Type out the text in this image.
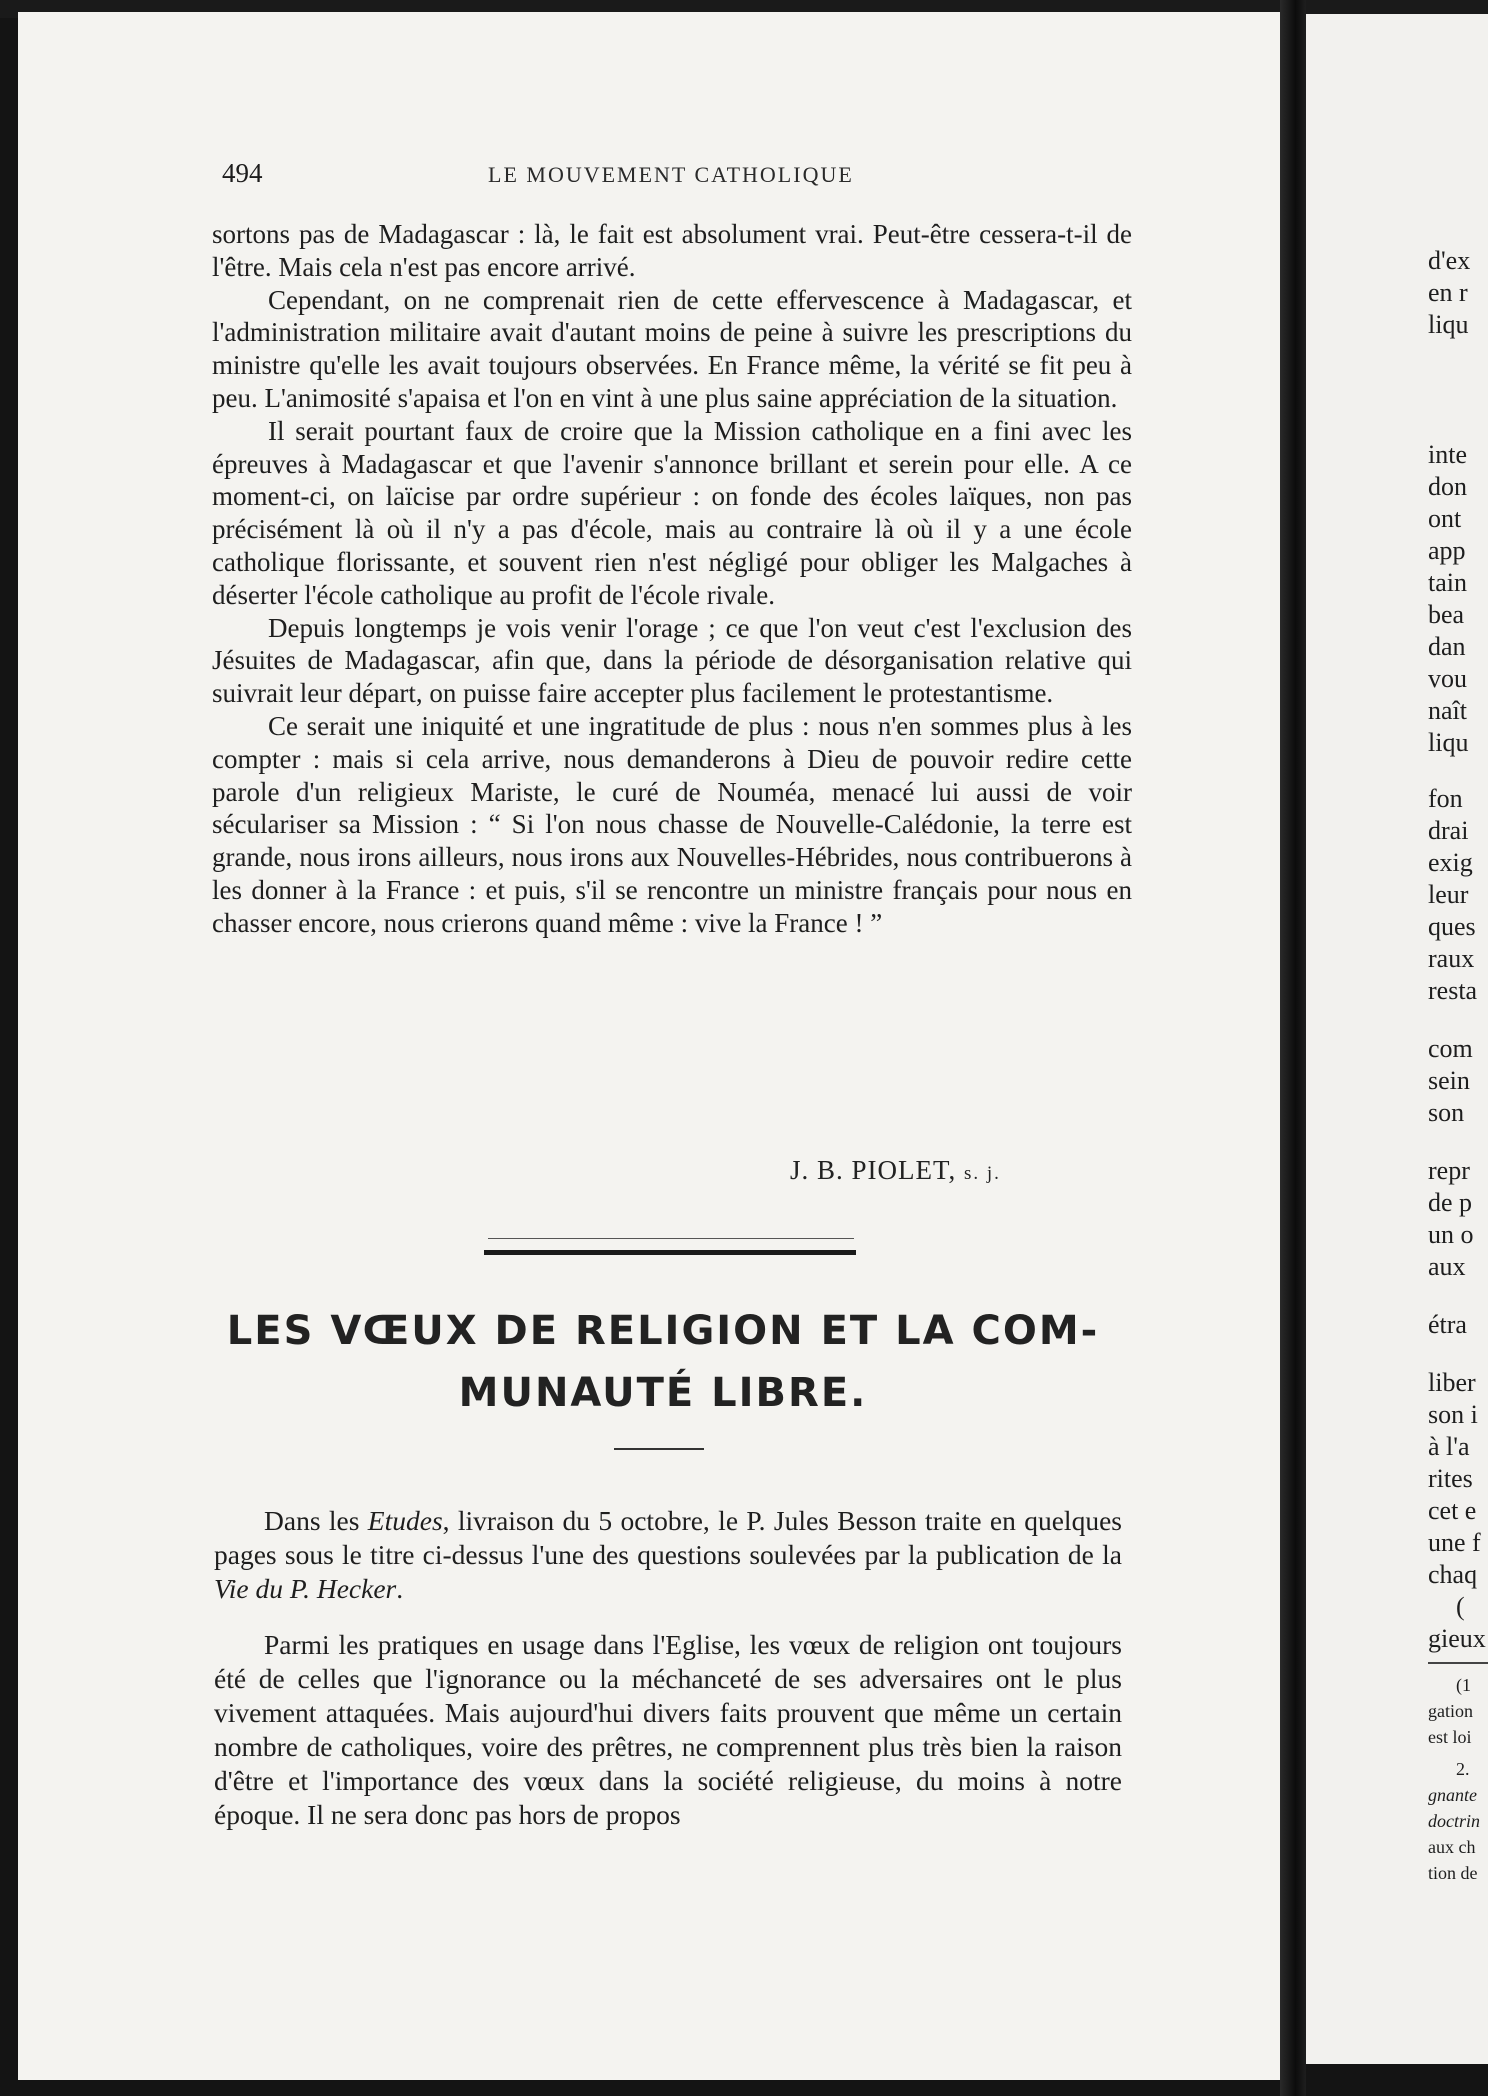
494	LE MOUVEMENT CATHOLIQUE

sortons pas de Madagascar : là, le fait est absolument vrai. Peut-être cessera-t-il de l'être. Mais cela n'est pas encore arrivé.

Cependant, on ne comprenait rien de cette effervescence à Madagascar, et l'administration militaire avait d'autant moins de peine à suivre les prescriptions du ministre qu'elle les avait toujours observées. En France même, la vérité se fit peu à peu. L'animosité s'apaisa et l'on en vint à une plus saine appréciation de la situation.

Il serait pourtant faux de croire que la Mission catholique en a fini avec les épreuves à Madagascar et que l'avenir s'annonce brillant et serein pour elle. A ce moment-ci, on laïcise par ordre supérieur : on fonde des écoles laïques, non pas précisément là où il n'y a pas d'école, mais au contraire là où il y a une école catholique florissante, et souvent rien n'est négligé pour obliger les Malgaches à déserter l'école catholique au profit de l'école rivale.

Depuis longtemps je vois venir l'orage ; ce que l'on veut c'est l'exclusion des Jésuites de Madagascar, afin que, dans la période de désorganisation relative qui suivrait leur départ, on puisse faire accepter plus facilement le protestantisme.

Ce serait une iniquité et une ingratitude de plus : nous n'en sommes plus à les compter : mais si cela arrive, nous demanderons à Dieu de pouvoir redire cette parole d'un religieux Mariste, le curé de Nouméa, menacé lui aussi de voir séculariser sa Mission : “ Si l'on nous chasse de Nouvelle-Calédonie, la terre est grande, nous irons ailleurs, nous irons aux Nouvelles-Hébrides, nous contribuerons à les donner à la France : et puis, s'il se rencontre un ministre français pour nous en chasser encore, nous crierons quand même : vive la France ! ”

J. B. PIOLET, s. j.
LES VŒUX DE RELIGION ET LA COM-
MUNAUTÉ LIBRE.

Dans les Etudes, livraison du 5 octobre, le P. Jules Besson traite en quelques pages sous le titre ci-dessus l'une des questions soulevées par la publication de la Vie du P. Hecker.

Parmi les pratiques en usage dans l'Eglise, les vœux de religion ont toujours été de celles que l'ignorance ou la méchanceté de ses adversaires ont le plus vivement attaquées. Mais aujourd'hui divers faits prouvent que même un certain nombre de catholiques, voire des prêtres, ne comprennent plus très bien la raison d'être et l'importance des vœux dans la société religieuse, du moins à notre époque. Il ne sera donc pas hors de propos

d'ex
en r
liqu
inte
don
ont
app
tain
bea
dan
vou
naît
liqu
fon
drai
exig
leur
ques
raux
resta
com
sein
son
repr
de p
un o
aux
étra
liber
son i
à l'a
rites
cet e
une f
chaq
(
gieux
(1
gation
est loi
2.
gnante
doctrin
aux ch
tion de
